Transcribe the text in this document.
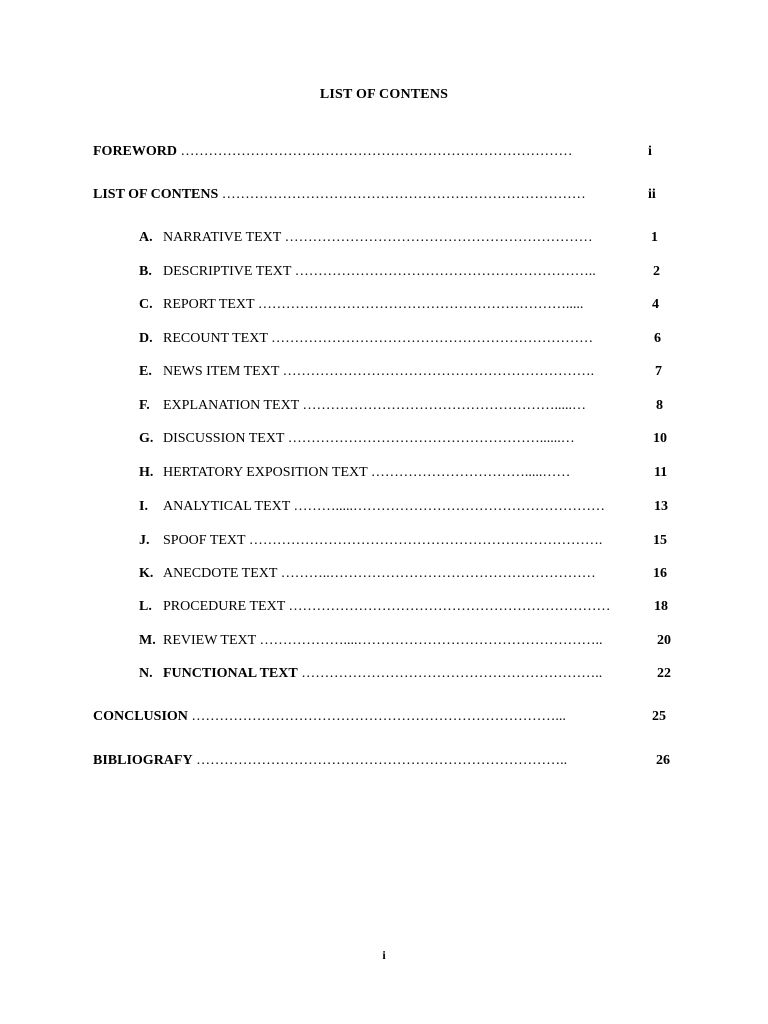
LIST OF CONTENS
FOREWORD …………………………………………………………………………	i
LIST OF CONTENS ……………………………………………………………………	ii
A. NARRATIVE TEXT …………………………………………………………	1
B. DESCRIPTIVE TEXT ………………………………………………………..	2
C. REPORT TEXT ………………………………………………………….....	4
D. RECOUNT TEXT ……………………………………………………………	6
E. NEWS ITEM TEXT ………………………………………………………….	7
F. EXPLANATION TEXT ……………………………………………….....…	8
G. DISCUSSION TEXT ………………………………………………......…	10
H. HERTATORY EXPOSITION TEXT …………………………….....……	11
I. ANALYTICAL TEXT ……….....………………………………………………	13
J. SPOOF TEXT ………………………………………………………………….	15
K. ANECDOTE TEXT ………..…………………………………………………	16
L. PROCEDURE TEXT ……………………………………………………………	18
M. REVIEW TEXT ………………....……………………………………………..	20
N. FUNCTIONAL TEXT ………………………………………………………..	22
CONCLUSION ……………………………………………………………………...	25
BIBLIOGRAFY ……………………………………………………………………..	26
i
